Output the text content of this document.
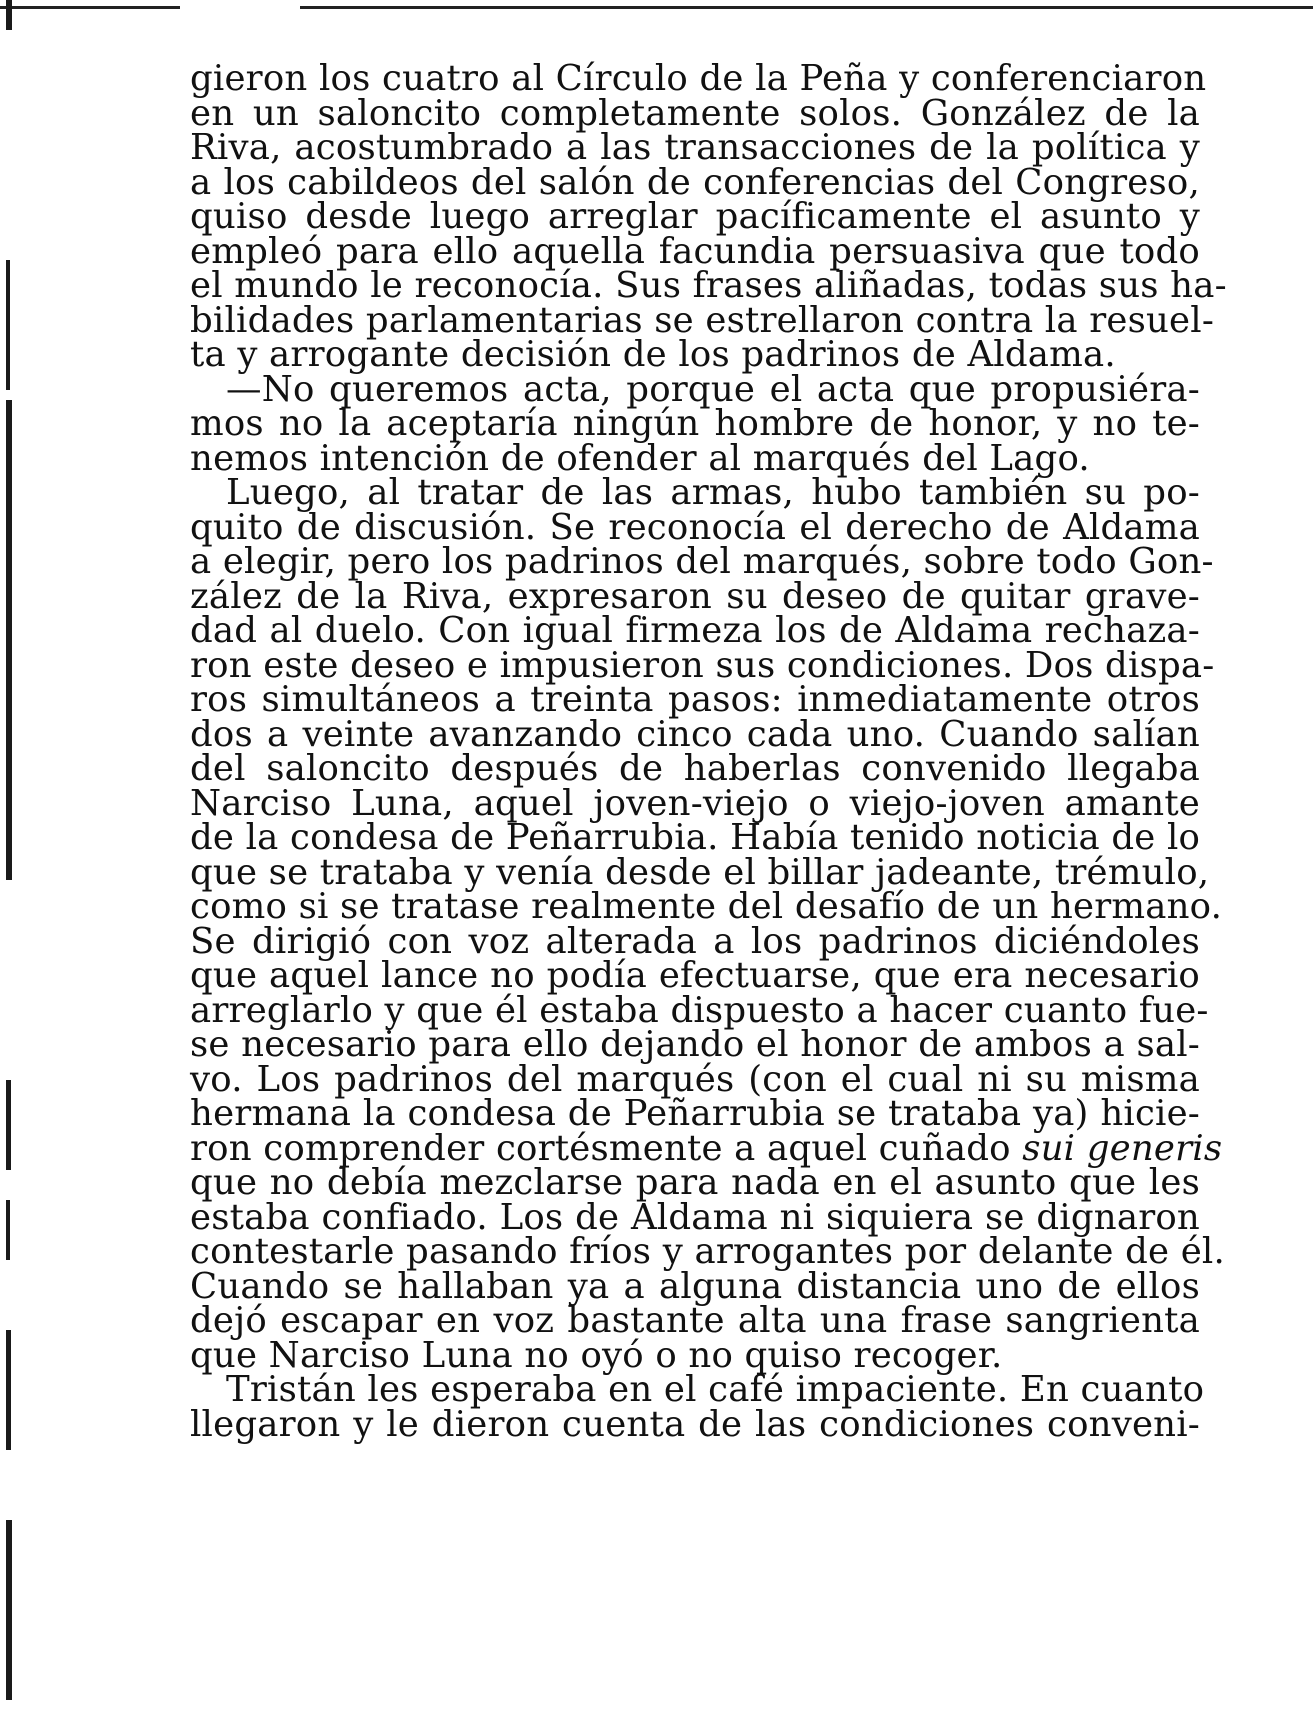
gieron los cuatro al Círculo de la Peña y conferenciaron
en un saloncito completamente solos. González de la
Riva, acostumbrado a las transacciones de la política y
a los cabildeos del salón de conferencias del Congreso,
quiso desde luego arreglar pacíficamente el asunto y
empleó para ello aquella facundia persuasiva que todo
el mundo le reconocía. Sus frases aliñadas, todas sus ha-
bilidades parlamentarias se estrellaron contra la resuel-
ta y arrogante decisión de los padrinos de Aldama.

—No queremos acta, porque el acta que propusiéra-
mos no la aceptaría ningún hombre de honor, y no te-
nemos intención de ofender al marqués del Lago.

Luego, al tratar de las armas, hubo también su po-
quito de discusión. Se reconocía el derecho de Aldama
a elegir, pero los padrinos del marqués, sobre todo Gon-
zález de la Riva, expresaron su deseo de quitar grave-
dad al duelo. Con igual firmeza los de Aldama rechaza-
ron este deseo e impusieron sus condiciones. Dos dispa-
ros simultáneos a treinta pasos: inmediatamente otros
dos a veinte avanzando cinco cada uno. Cuando salían
del saloncito después de haberlas convenido llegaba
Narciso Luna, aquel joven-viejo o viejo-joven amante
de la condesa de Peñarrubia. Había tenido noticia de lo
que se trataba y venía desde el billar jadeante, trémulo,
como si se tratase realmente del desafío de un hermano.
Se dirigió con voz alterada a los padrinos diciéndoles
que aquel lance no podía efectuarse, que era necesario
arreglarlo y que él estaba dispuesto a hacer cuanto fue-
se necesario para ello dejando el honor de ambos a sal-
vo. Los padrinos del marqués (con el cual ni su misma
hermana la condesa de Peñarrubia se trataba ya) hicie-
ron comprender cortésmente a aquel cuñado sui generis
que no debía mezclarse para nada en el asunto que les
estaba confiado. Los de Aldama ni siquiera se dignaron
contestarle pasando fríos y arrogantes por delante de él.
Cuando se hallaban ya a alguna distancia uno de ellos
dejó escapar en voz bastante alta una frase sangrienta
que Narciso Luna no oyó o no quiso recoger.

Tristán les esperaba en el café impaciente. En cuanto
llegaron y le dieron cuenta de las condiciones conveni-
